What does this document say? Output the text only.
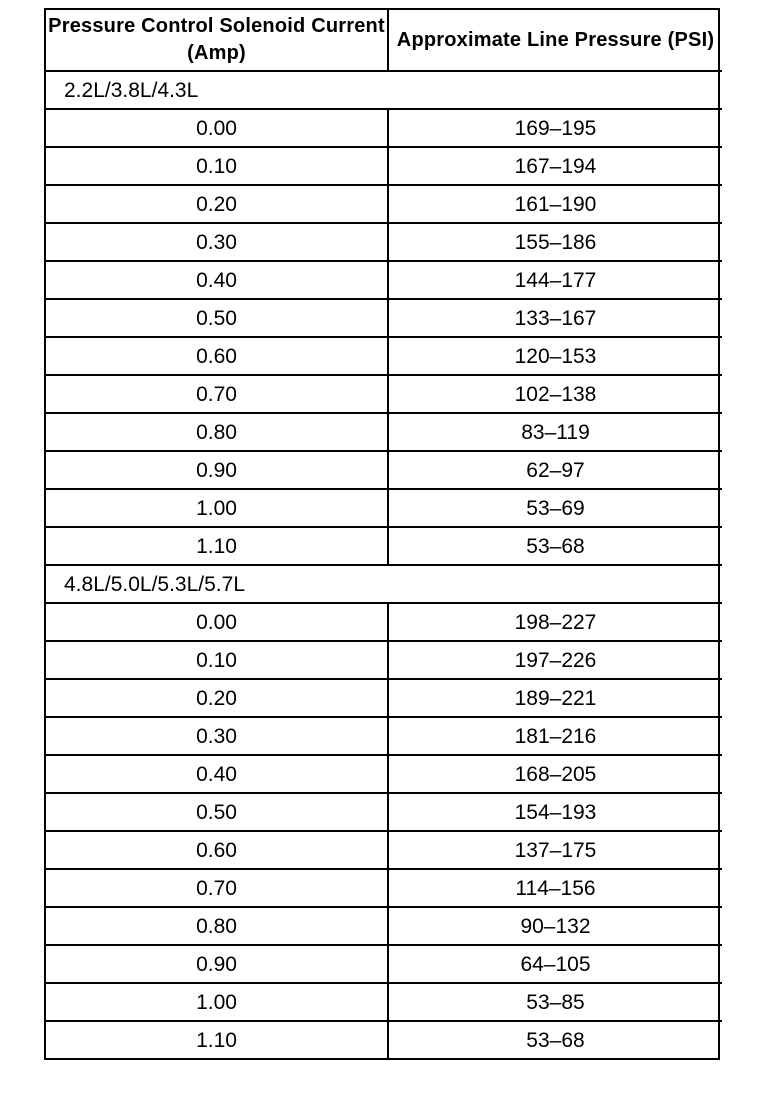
Pressure Control Solenoid Current (Amp)	Approximate Line Pressure (PSI)
2.2L/3.8L/4.3L	
0.00	169–195
0.10	167–194
0.20	161–190
0.30	155–186
0.40	144–177
0.50	133–167
0.60	120–153
0.70	102–138
0.80	83–119
0.90	62–97
1.00	53–69
1.10	53–68
4.8L/5.0L/5.3L/5.7L	
0.00	198–227
0.10	197–226
0.20	189–221
0.30	181–216
0.40	168–205
0.50	154–193
0.60	137–175
0.70	114–156
0.80	90–132
0.90	64–105
1.00	53–85
1.10	53–68
